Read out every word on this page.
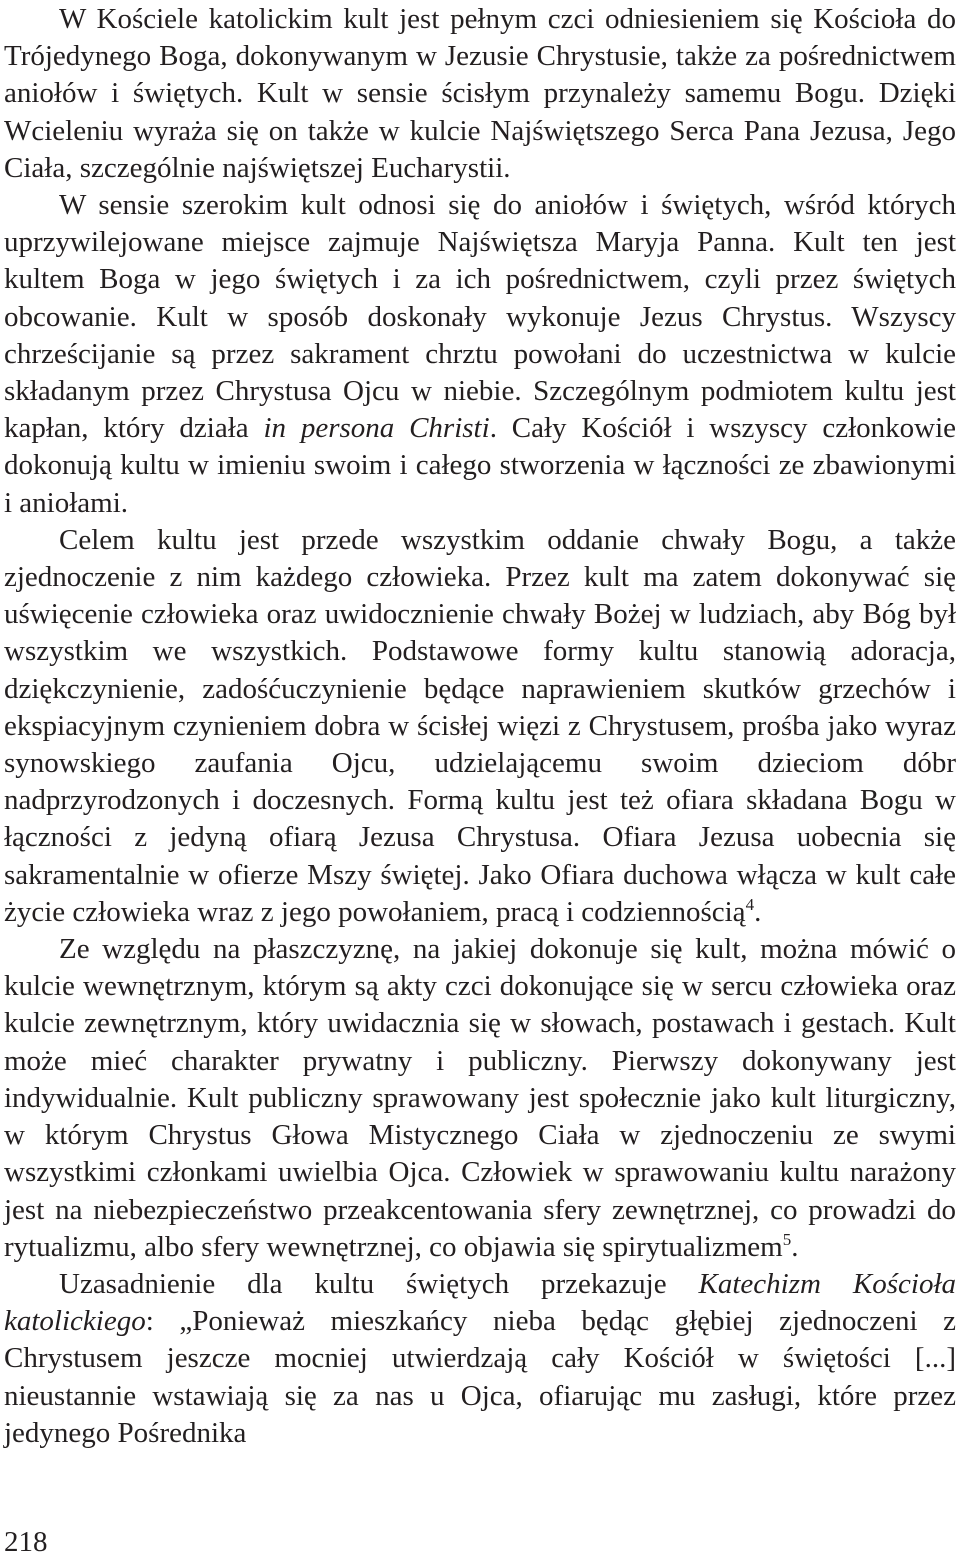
W Kościele katolickim kult jest pełnym czci odniesieniem się Kościoła do Trójedynego Boga, dokonywanym w Jezusie Chrystusie, także za pośrednictwem aniołów i świętych. Kult w sensie ścisłym przynależy samemu Bogu. Dzięki Wcieleniu wyraża się on także w kulcie Najświętszego Serca Pana Jezusa, Jego Ciała, szczególnie najświętszej Eucharystii.

W sensie szerokim kult odnosi się do aniołów i świętych, wśród których uprzywilejowane miejsce zajmuje Najświętsza Maryja Panna. Kult ten jest kultem Boga w jego świętych i za ich pośrednictwem, czyli przez świętych obcowanie. Kult w sposób doskonały wykonuje Jezus Chrystus. Wszyscy chrześcijanie są przez sakrament chrztu powołani do uczestnictwa w kulcie składanym przez Chrystusa Ojcu w niebie. Szczególnym podmiotem kultu jest kapłan, który działa in persona Christi. Cały Kościół i wszyscy członkowie dokonują kultu w imieniu swoim i całego stworzenia w łączności ze zbawionymi i aniołami.

Celem kultu jest przede wszystkim oddanie chwały Bogu, a także zjednoczenie z nim każdego człowieka. Przez kult ma zatem dokonywać się uświęcenie człowieka oraz uwidocznienie chwały Bożej w ludziach, aby Bóg był wszystkim we wszystkich. Podstawowe formy kultu stanowią adoracja, dziękczynienie, zadośćuczynienie będące naprawieniem skutków grzechów i ekspiacyjnym czynieniem dobra w ścisłej więzi z Chrystusem, prośba jako wyraz synowskiego zaufania Ojcu, udzielającemu swoim dzieciom dóbr nadprzyrodzonych i doczesnych. Formą kultu jest też ofiara składana Bogu w łączności z jedyną ofiarą Jezusa Chrystusa. Ofiara Jezusa uobecnia się sakramentalnie w ofierze Mszy świętej. Jako Ofiara duchowa włącza w kult całe życie człowieka wraz z jego powołaniem, pracą i codziennością$^4$.

Ze względu na płaszczyznę, na jakiej dokonuje się kult, można mówić o kulcie wewnętrznym, którym są akty czci dokonujące się w sercu człowieka oraz kulcie zewnętrznym, który uwidacznia się w słowach, postawach i gestach. Kult może mieć charakter prywatny i publiczny. Pierwszy dokonywany jest indywidualnie. Kult publiczny sprawowany jest społecznie jako kult liturgiczny, w którym Chrystus Głowa Mistycznego Ciała w zjednoczeniu ze swymi wszystkimi członkami uwielbia Ojca. Człowiek w sprawowaniu kultu narażony jest na niebezpieczeństwo przeakcentowania sfery zewnętrznej, co prowadzi do rytualizmu, albo sfery wewnętrznej, co objawia się spirytualizmem$^5$.

Uzasadnienie dla kultu świętych przekazuje Katechizm Kościoła katolickiego: „Ponieważ mieszkańcy nieba będąc głębiej zjednoczeni z Chrystusem jeszcze mocniej utwierdzają cały Kościół w świętości [...] nieustannie wstawiają się za nas u Ojca, ofiarując mu zasługi, które przez jedynego Pośrednika

218
